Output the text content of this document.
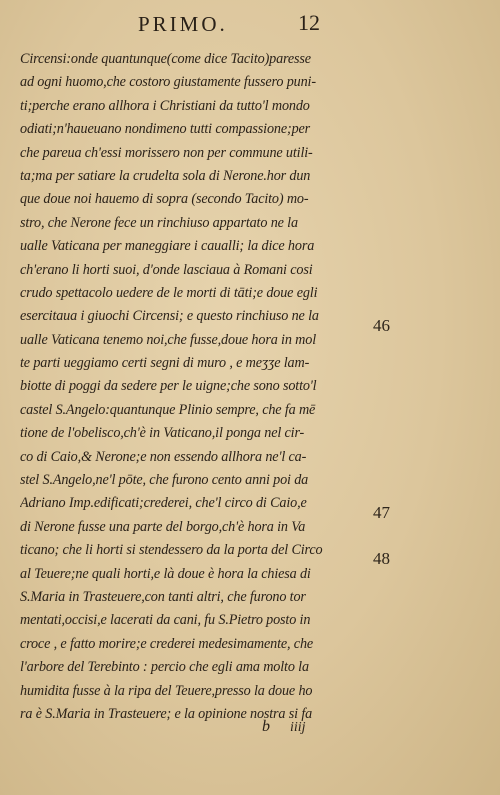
PRIMO.	12
Circensi:onde quantunque(come dice Tacito)paresse
ad ogni huomo,che costoro giustamente fussero puni-
ti;perche erano allhora i Christiani da tutto'l mondo
odiati;n'haueuano nondimeno tutti compassione;per
che pareua ch'essi morissero non per commune utili-
ta;ma per satiare la crudelta sola di Nerone.hor dun
que doue noi hauemo di sopra (secondo Tacito) mo-
stro, che Nerone fece un rinchiuso appartato ne la
ualle Vaticana per maneggiare i caualli; la dice hora
ch'erano li horti suoi, d'onde lasciaua à Romani cosi
crudo spettacolo uedere de le morti di tāti;e doue egli
esercitaua i giuochi Circensi; e questo rinchiuso ne la
ualle Vaticana tenemo noi,che fusse,doue hora in mol
te parti ueggiamo certi segni di muro , e meʒʒe lam-
biotte di poggi da sedere per le uigne;che sono sotto'l
castel S.Angelo:quantunque Plinio sempre, che fa mē
tione de l'obelisco,ch'è in Vaticano,il ponga nel cir-
co di Caio,& Nerone;e non essendo allhora ne'l ca-
stel S.Angelo,ne'l pōte, che furono cento anni poi da
Adriano Imp.edificati;crederei, che'l circo di Caio,e
di Nerone fusse una parte del borgo,ch'è hora in Va
ticano; che li horti si stendessero da la porta del Circo
al Teuere;ne quali horti,e là doue è hora la chiesa di
S.Maria in Trasteuere,con tanti altri, che furono tor
mentati,occisi,e lacerati da cani, fu S.Pietro posto in
croce , e fatto morire;e crederei medesimamente, che
l'arbore del Terebinto : percio che egli ama molto la
humidita fusse à la ripa del Teuere,presso la doue ho
ra è S.Maria in Trasteuere; e la opinione nostra si fa
46
47
48
b iiij
